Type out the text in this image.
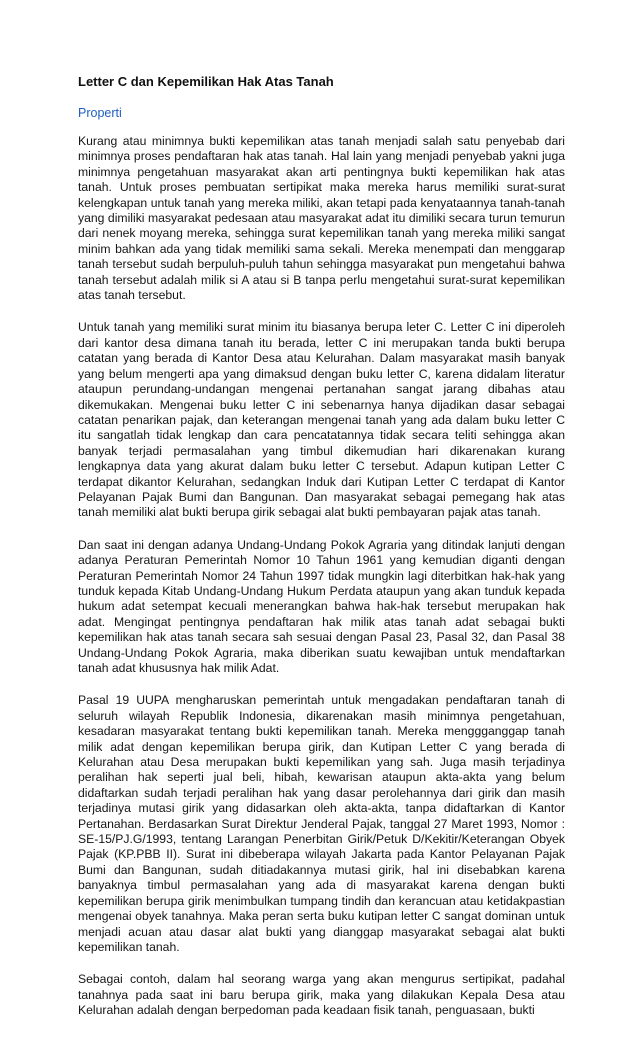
Letter C dan Kepemilikan Hak Atas Tanah
Properti

Kurang atau minimnya bukti kepemilikan atas tanah menjadi salah satu penyebab dari minimnya proses pendaftaran hak atas tanah. Hal lain yang menjadi penyebab yakni juga minimnya pengetahuan masyarakat akan arti pentingnya bukti kepemilikan hak atas tanah. Untuk proses pembuatan sertipikat maka mereka harus memiliki surat-surat kelengkapan untuk tanah yang mereka miliki, akan tetapi pada kenyataannya tanah-tanah yang dimiliki masyarakat pedesaan atau masyarakat adat itu dimiliki secara turun temurun dari nenek moyang mereka, sehingga surat kepemilikan tanah yang mereka miliki sangat minim bahkan ada yang tidak memiliki sama sekali. Mereka menempati dan menggarap tanah tersebut sudah berpuluh-puluh tahun sehingga masyarakat pun mengetahui bahwa tanah tersebut adalah milik si A atau si B tanpa perlu mengetahui surat-surat kepemilikan atas tanah tersebut.

Untuk tanah yang memiliki surat minim itu biasanya berupa leter C. Letter C ini diperoleh dari kantor desa dimana tanah itu berada, letter C ini merupakan tanda bukti berupa catatan yang berada di Kantor Desa atau Kelurahan. Dalam masyarakat masih banyak yang belum mengerti apa yang dimaksud dengan buku letter C, karena didalam literatur ataupun perundang-undangan mengenai pertanahan sangat jarang dibahas atau dikemukakan. Mengenai buku letter C ini sebenarnya hanya dijadikan dasar sebagai catatan penarikan pajak, dan keterangan mengenai tanah yang ada dalam buku letter C itu sangatlah tidak lengkap dan cara pencatatannya tidak secara teliti sehingga akan banyak terjadi permasalahan yang timbul dikemudian hari dikarenakan kurang lengkapnya data yang akurat dalam buku letter C tersebut. Adapun kutipan Letter C terdapat dikantor Kelurahan, sedangkan Induk dari Kutipan Letter C terdapat di Kantor Pelayanan Pajak Bumi dan Bangunan. Dan masyarakat sebagai pemegang hak atas tanah memiliki alat bukti berupa girik sebagai alat bukti pembayaran pajak atas tanah.

Dan saat ini dengan adanya Undang-Undang Pokok Agraria yang ditindak lanjuti dengan adanya Peraturan Pemerintah Nomor 10 Tahun 1961 yang kemudian diganti dengan Peraturan Pemerintah Nomor 24 Tahun 1997 tidak mungkin lagi diterbitkan hak-hak yang tunduk kepada Kitab Undang-Undang Hukum Perdata ataupun yang akan tunduk kepada hukum adat setempat kecuali menerangkan bahwa hak-hak tersebut merupakan hak adat. Mengingat pentingnya pendaftaran hak milik atas tanah adat sebagai bukti kepemilikan hak atas tanah secara sah sesuai dengan Pasal 23, Pasal 32, dan Pasal 38 Undang-Undang Pokok Agraria, maka diberikan suatu kewajiban untuk mendaftarkan tanah adat khususnya hak milik Adat.

Pasal 19 UUPA mengharuskan pemerintah untuk mengadakan pendaftaran tanah di seluruh wilayah Republik Indonesia, dikarenakan masih minimnya pengetahuan, kesadaran masyarakat tentang bukti kepemilikan tanah. Mereka menggganggap tanah milik adat dengan kepemilikan berupa girik, dan Kutipan Letter C yang berada di Kelurahan atau Desa merupakan bukti kepemilikan yang sah. Juga masih terjadinya peralihan hak seperti jual beli, hibah, kewarisan ataupun akta-akta yang belum didaftarkan sudah terjadi peralihan hak yang dasar perolehannya dari girik dan masih terjadinya mutasi girik yang didasarkan oleh akta-akta, tanpa didaftarkan di Kantor Pertanahan. Berdasarkan Surat Direktur Jenderal Pajak, tanggal 27 Maret 1993, Nomor : SE-15/PJ.G/1993, tentang Larangan Penerbitan Girik/Petuk D/Kekitir/Keterangan Obyek Pajak (KP.PBB II). Surat ini dibeberapa wilayah Jakarta pada Kantor Pelayanan Pajak Bumi dan Bangunan, sudah ditiadakannya mutasi girik, hal ini disebabkan karena banyaknya timbul permasalahan yang ada di masyarakat karena dengan bukti kepemilikan berupa girik menimbulkan tumpang tindih dan kerancuan atau ketidakpastian mengenai obyek tanahnya. Maka peran serta buku kutipan letter C sangat dominan untuk menjadi acuan atau dasar alat bukti yang dianggap masyarakat sebagai alat bukti kepemilikan tanah.

Sebagai contoh, dalam hal seorang warga yang akan mengurus sertipikat, padahal tanahnya pada saat ini baru berupa girik, maka yang dilakukan Kepala Desa atau Kelurahan adalah dengan berpedoman pada keadaan fisik tanah, penguasaan, bukti
